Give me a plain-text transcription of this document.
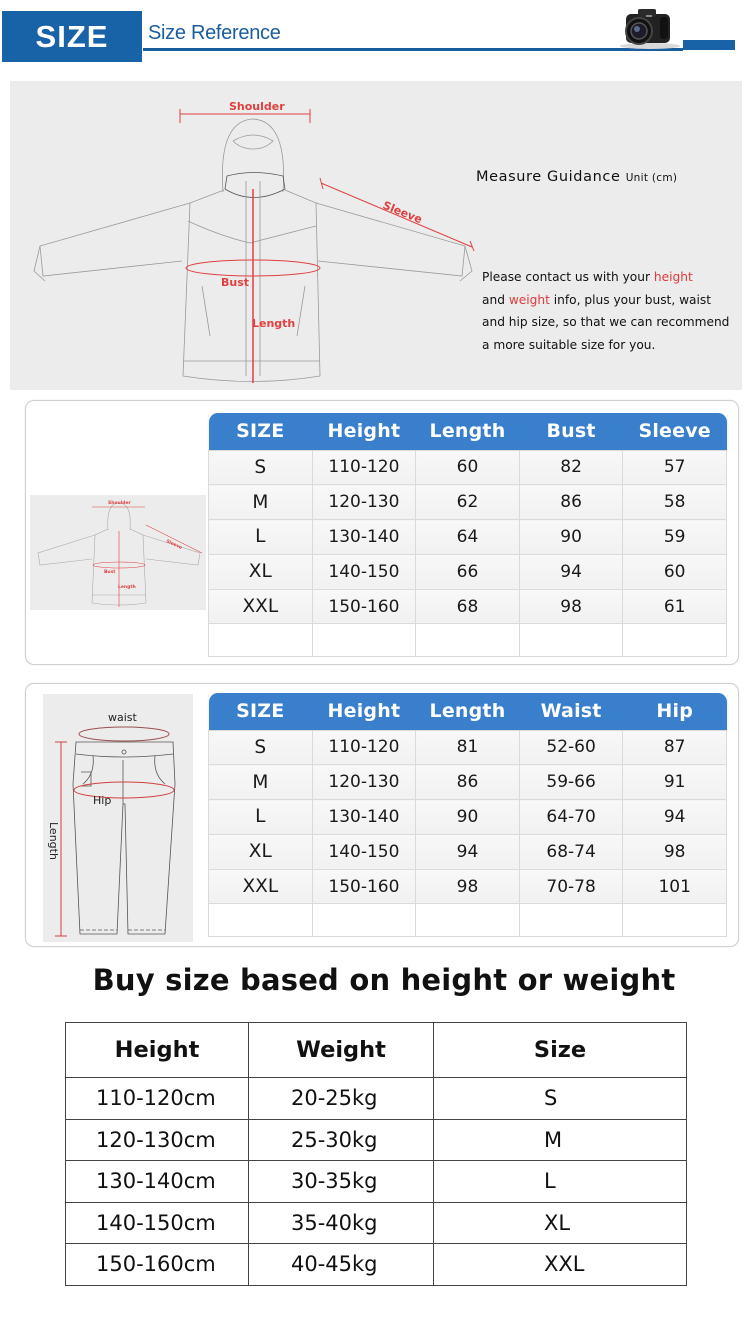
SIZE	Size Reference
Shoulder
Sleeve
Bust
Length
Measure Guidance Unit (cm)
Please contact us with your height
and weight info, plus your bust, waist and hip size, so that we can recommend a more suitable size for you.
Shoulder
Sleeve
Bust
Length
SIZE	Height	Length	Bust	Sleeve
S	110-120	60	82	57
M	120-130	62	86	58
L	130-140	64	90	59
XL	140-150	66	94	60
XXL	150-160	68	98	61

waist
Hip
Length
SIZE	Height	Length	Waist	Hip
S	110-120	81	52-60	87
M	120-130	86	59-66	91
L	130-140	90	64-70	94
XL	140-150	94	68-74	98
XXL	150-160	98	70-78	101

Buy size based on height or weight
Height	Weight	Size
110-120cm	20-25kg	S
120-130cm	25-30kg	M
130-140cm	30-35kg	L
140-150cm	35-40kg	XL
150-160cm	40-45kg	XXL
